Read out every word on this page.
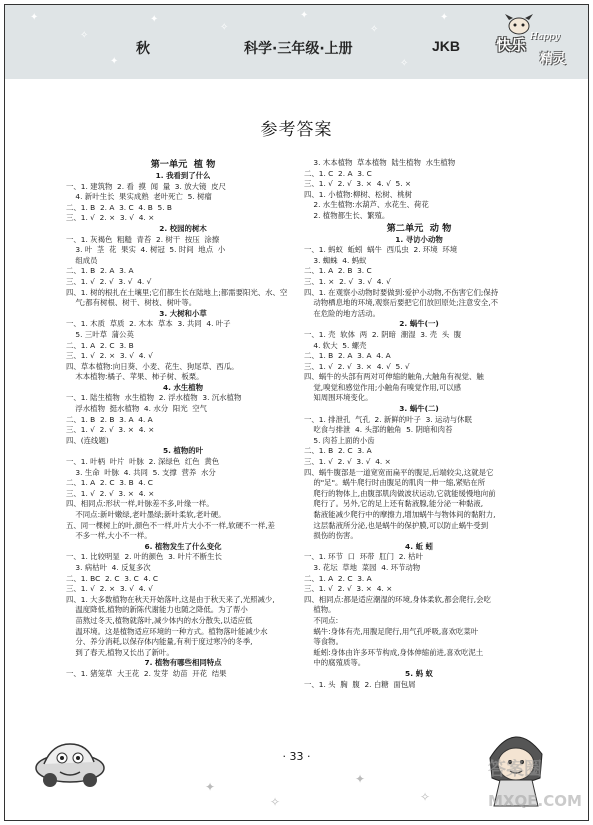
✦
✧
✦
✧
✦
✧
✦
✦	✧
秋	科学·三年级·上册	JKB 快乐 Happy
精灵
参考答案
第一单元  植 物
1. 我看到了什么
一、1. 建筑物  2. 看  摸  闻  量  3. 放大镜  皮尺
4. 新叶生长  果实成熟  老叶死亡  5. 树瘤
二、1. B  2. A  3. C  4. B  5. B
三、1. √  2. ×  3. √  4. ×
2. 校园的树木
一、1. 灰褐色  粗糙  青苔  2. 树干  按压  涂擦
3. 叶  茎  花  果实  4. 树冠  5. 时间  地点  小
组成员
二、1. B  2. A  3. A
三、1. √  2. √  3. √  4. √
四、1. 树的根扎在土壤里;它们都生长在陆地上;都需要阳光、水、空
气;都有树根、树干、树枝、树叶等。
3. 大树和小草
一、1. 木质  草质  2. 木本  草本  3. 共同  4. 叶子
5. 三叶草  蒲公英
二、1. A  2. C  3. B
三、1. √  2. ×  3. √  4. √
四、草本植物:向日葵、小麦、花生、狗尾草、西瓜。
木本植物:橘子、苹果、柿子树、板栗。
4. 水生植物
一、1. 陆生植物  水生植物  2. 浮水植物  3. 沉水植物
浮水植物  挺水植物  4. 水分  阳光  空气
二、1. B  2. B  3. A  4. A
三、1. √  2. √  3. ×  4. ×
四、(连线题)
5. 植物的叶
一、1. 叶柄  叶片  叶脉  2. 深绿色  红色  黄色
3. 生命  叶脉  4. 共同  5. 支撑  营养  水分
二、1. A  2. C  3. B  4. C
三、1. √  2. √  3. ×  4. ×
四、相同点:形状一样,叶脉差不多,叶缘一样。
不同点:新叶嫩绿,老叶墨绿;新叶柔软,老叶硬。
五、同一棵树上的叶,颜色不一样,叶片大小不一样,软硬不一样,差
不多一样,大小不一样。
6. 植物发生了什么变化
一、1. 比较明显  2. 叶的颜色  3. 叶片不断生长
3. 病枯叶  4. 反复多次
二、1. BC  2. C  3. C  4. C
三、1. √  2. ×  3. √  4. √
四、1. 大多数植物在秋天开始落叶,这是由于秋天来了,光照减少,
温度降低,植物的新陈代谢能力也随之降低。为了帮小
苗熬过冬天,植物就落叶,减少体内的水分散失,以适应低
温环境。这是植物适应环境的一种方式。植物落叶能减少水
分、养分消耗,以保存体内能量,有利于度过寒冷的冬季,
到了春天,植物又长出了新叶。
7. 植物有哪些相同特点
一、1. 猪笼草  大王花  2. 发芽  幼苗  开花  结果
3. 木本植物  草本植物  陆生植物  水生植物
二、1. C  2. A  3. C
三、1. √  2. √  3. ×  4. √  5. ×
四、1. 小植物:柳树、松树、桃树
2. 水生植物:水葫芦、水花生、荷花
2. 植物都生长、繁殖。
第二单元  动 物
1. 寻访小动物
一、1. 蚂蚁  蚯蚓  蜗牛  西瓜虫  2. 环境  环境
3. 蜘蛛  4. 蚂蚁
二、1. A  2. B  3. C
三、1. ×  2. √  3. √  4. √
四、1. 在观察小动物时要做到:爱护小动物,不伤害它们;保持
动物栖息地的环境,观察后要把它们放回原处;注意安全,不
在危险的地方活动。
2. 蜗牛(一)
一、1. 壳  软体  两  2. 阴暗  潮湿  3. 壳  头  腹
4. 软大  5. 螺壳
二、1. B  2. A  3. A  4. A
三、1. √  2. √  3. ×  4. √  5. √
四、蜗牛的头部有两对可伸缩的触角,大触角有视觉、触
觉,嗅觉和感觉作用;小触角有嗅觉作用,可以感
知周围环境变化。
3. 蜗牛(二)
一、1. 排泄孔  气孔  2. 新鲜的叶子  3. 运动与休眠
吃食与排泄  4. 头部的触角  5. 阴暗和肉苔
5. 肉苔上面的小齿
二、1. B  2. C  3. A
三、1. √  2. √  3. √  4. ×
四、蜗牛腹部是一道宽宽而扁平的腹足,后端较尖,这就是它
的"足"。蜗牛爬行时由腹足的肌肉一伸一缩,紧贴在所
爬行的物体上,由腹部肌肉做波状运动,它就能缓慢地向前
爬行了。另外,它的足上还有黏液腺,能分泌一种黏液,
黏液能减少爬行中的摩擦力,增加蜗牛与物体间的黏附力,
这层黏液所分泌,也是蜗牛的保护膜,可以防止蜗牛受到
损伤的伤害。
4. 蚯 蚓
一、1. 环节  口  环带  肛门  2. 枯叶
3. 花坛  草地  菜园  4. 环节动物
二、1. A  2. C  3. A
三、1. √  2. √  3. ×  4. ×
四、相同点:都是适应潮湿的环境,身体柔软,都会爬行,会吃
植物。
不同点:
蜗牛:身体有壳,用腹足爬行,用气孔呼吸,喜欢吃菜叶
等食物。
蚯蚓:身体由许多环节构成,身体伸缩前进,喜欢吃泥土
中的腐殖质等。
5. 蚂 蚁
一、1. 头  胸  腹  2. 白糖  面包屑
✦
✧
✦
✧
· 33 ·
答案圈
MXQE.COM
